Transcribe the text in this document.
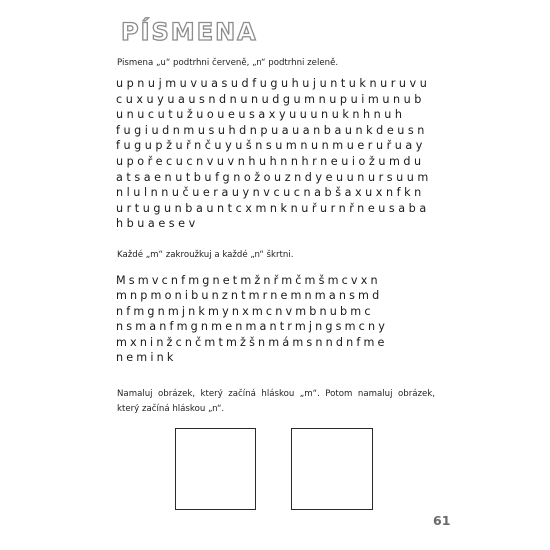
PÍSMENA
Pismena „u“ podtrhni červeně, „n“ podtrhni zeleně.
upnujmuvuasudfuguhujuntuknuruvu
cuxuyuausndnunudgumnupuimunub
unucutužuoueusaxyuuunuknhnuh
fugiudnmusuhdnpuauanbaunkdeusn
fugupžuřnčuyušnsumnunmueruřuay
upořecucnvuvnhuhnnhrneuiožumdu
atsaenutbufgnožouzndyeuunursuum
nlulnnučuerauynvcucnabšaxuxnfkn
urtugunbauntcxmnknuřurnřneusaba
hbuaesev
Každé „m“ zakroužkuj a každé „n“ škrtni.
Msmvcnfmgnetmžnřmčmšmcvxn
mnpmonibunzntmrnemnmansmd
nfmgnmjnkmynxmcnvmbnubmc
nsmanfmgnmenmantrmjngsmcny
mxninžcnčmtmžšnmámsnndnfme
nemink
Namaluj obrázek, který začíná hláskou „m“. Potom namaluj obrázek, který začíná hláskou „n“.
61
